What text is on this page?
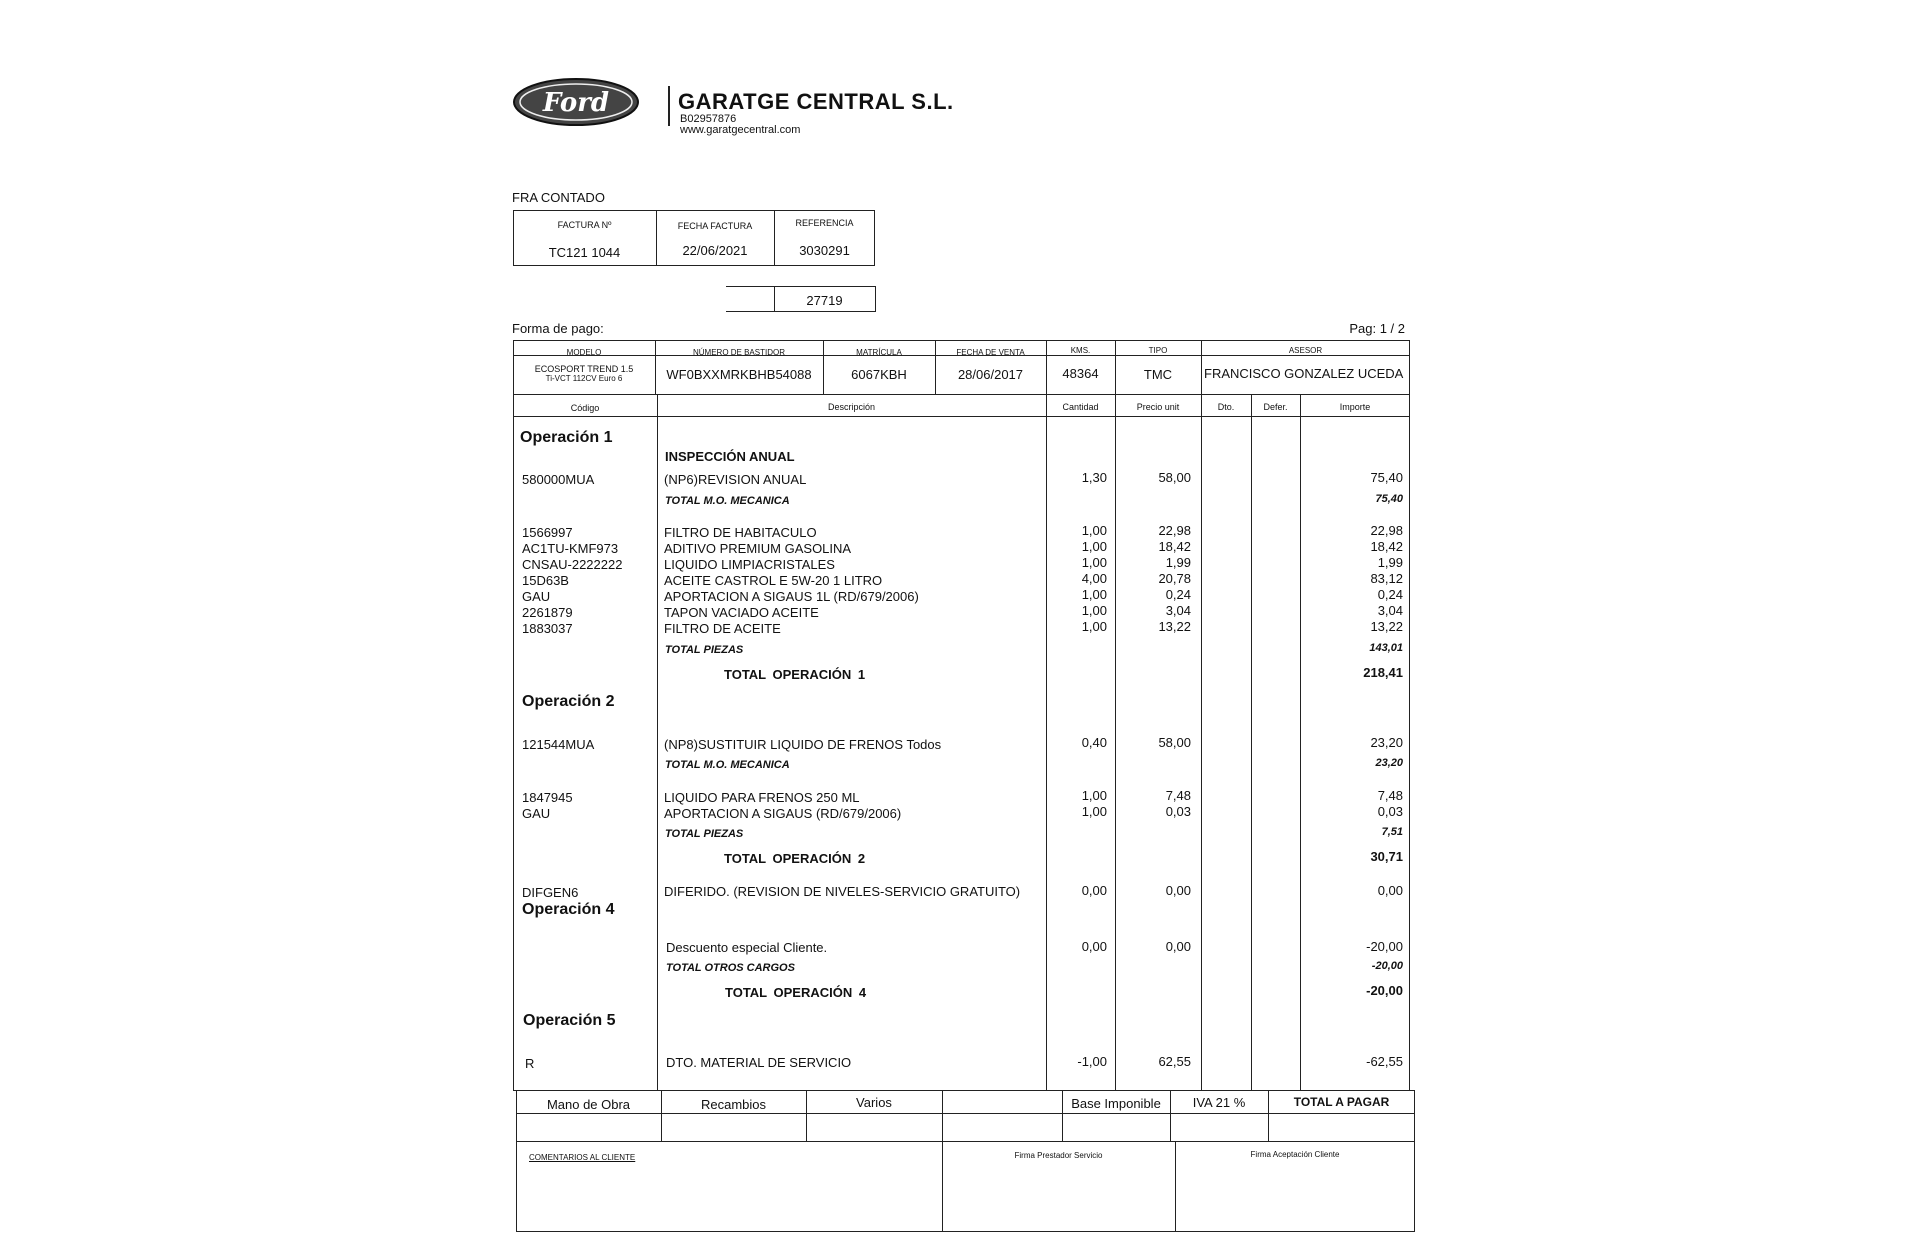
Ford	GARATGE CENTRAL S.L.
B02957876
www.garatgecentral.com
FRA CONTADO
FACTURA Nº	FECHA FACTURA	REFERENCIA
TC121 1044	22/06/2021	3030291
27719
Forma de pago:	Pag: 1 / 2
MODELO	NÚMERO DE BASTIDOR	MATRÍCULA	FECHA DE VENTA	KMS.	TIPO	ASESOR
ECOSPORT TREND 1.5
Ti-VCT 112CV Euro 6	WF0BXXMRKBHB54088	6067KBH	28/06/2017	48364	TMC	FRANCISCO GONZALEZ UCEDA
Código	Descripción	Cantidad	Precio unit	Dto.	Defer.	Importe
Operación 1
INSPECCIÓN ANUAL
580000MUA	(NP6)REVISION ANUAL	1,30	58,00	75,40
TOTAL M.O. MECANICA	75,40
1566997	FILTRO DE HABITACULO	1,00	22,98	22,98
AC1TU-KMF973	ADITIVO PREMIUM GASOLINA	1,00	18,42	18,42
CNSAU-2222222	LIQUIDO LIMPIACRISTALES	1,00	1,99	1,99
15D63B	ACEITE CASTROL E 5W-20 1 LITRO	4,00	20,78	83,12
GAU	APORTACION A SIGAUS 1L (RD/679/2006)	1,00	0,24	0,24
2261879	TAPON VACIADO ACEITE	1,00	3,04	3,04
1883037	FILTRO DE ACEITE	1,00	13,22	13,22
TOTAL PIEZAS	143,01
TOTAL OPERACIÓN 1	218,41
Operación 2
121544MUA	(NP8)SUSTITUIR LIQUIDO DE FRENOS Todos	0,40	58,00	23,20
TOTAL M.O. MECANICA	23,20
1847945	LIQUIDO PARA FRENOS 250 ML	1,00	7,48	7,48
GAU	APORTACION A SIGAUS (RD/679/2006)	1,00	0,03	0,03
TOTAL PIEZAS	7,51
TOTAL OPERACIÓN 2	30,71
DIFGEN6	DIFERIDO. (REVISION DE NIVELES-SERVICIO GRATUITO)	0,00	0,00	0,00
Operación 4
Descuento especial Cliente.	0,00	0,00	-20,00
TOTAL OTROS CARGOS	-20,00
TOTAL OPERACIÓN 4	-20,00
Operación 5
R	DTO. MATERIAL DE SERVICIO	-1,00	62,55	-62,55
Mano de Obra	Recambios	Varios	Base Imponible	IVA 21 %	TOTAL A PAGAR
COMENTARIOS AL CLIENTE	Firma Prestador Servicio	Firma Aceptación Cliente
